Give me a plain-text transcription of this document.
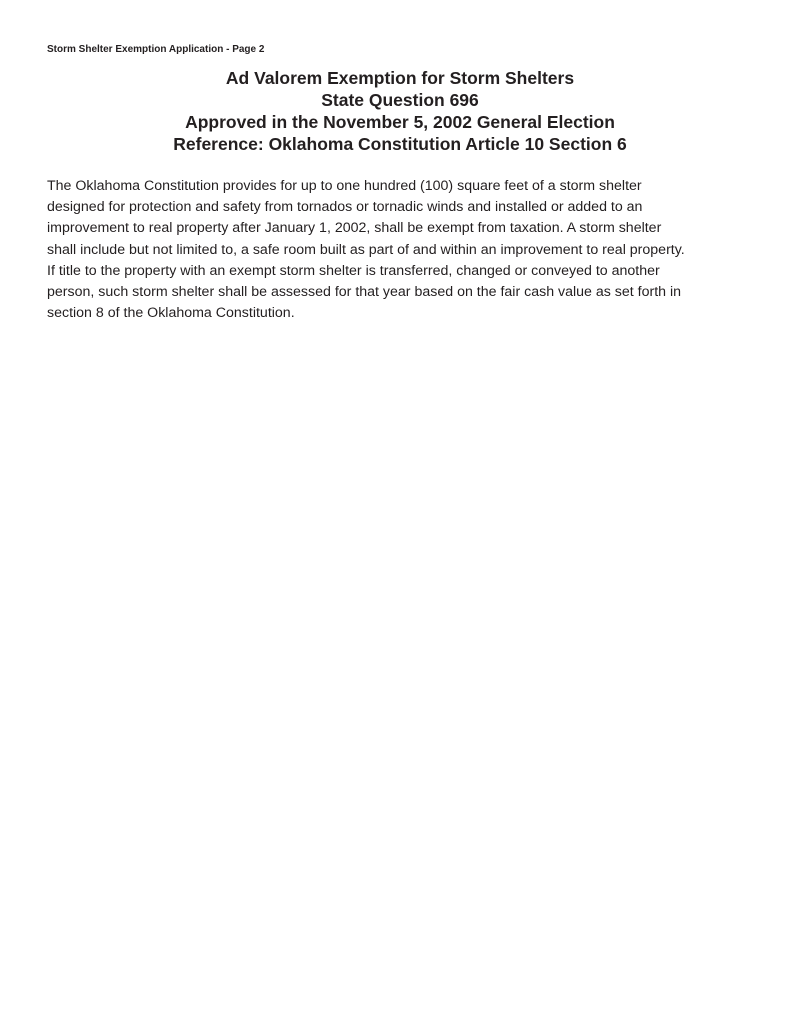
Storm Shelter Exemption Application - Page 2

Ad Valorem Exemption for Storm Shelters

State Question 696

Approved in the November 5, 2002 General Election

Reference: Oklahoma Constitution Article 10 Section 6

The Oklahoma Constitution provides for up to one hundred (100) square feet of a storm shelter
designed for protection and safety from tornados or tornadic winds and installed or added to an
improvement to real property after January 1, 2002, shall be exempt from taxation. A storm shelter
shall include but not limited to, a safe room built as part of and within an improvement to real property.
If title to the property with an exempt storm shelter is transferred, changed or conveyed to another
person, such storm shelter shall be assessed for that year based on the fair cash value as set forth in
section 8 of the Oklahoma Constitution.
